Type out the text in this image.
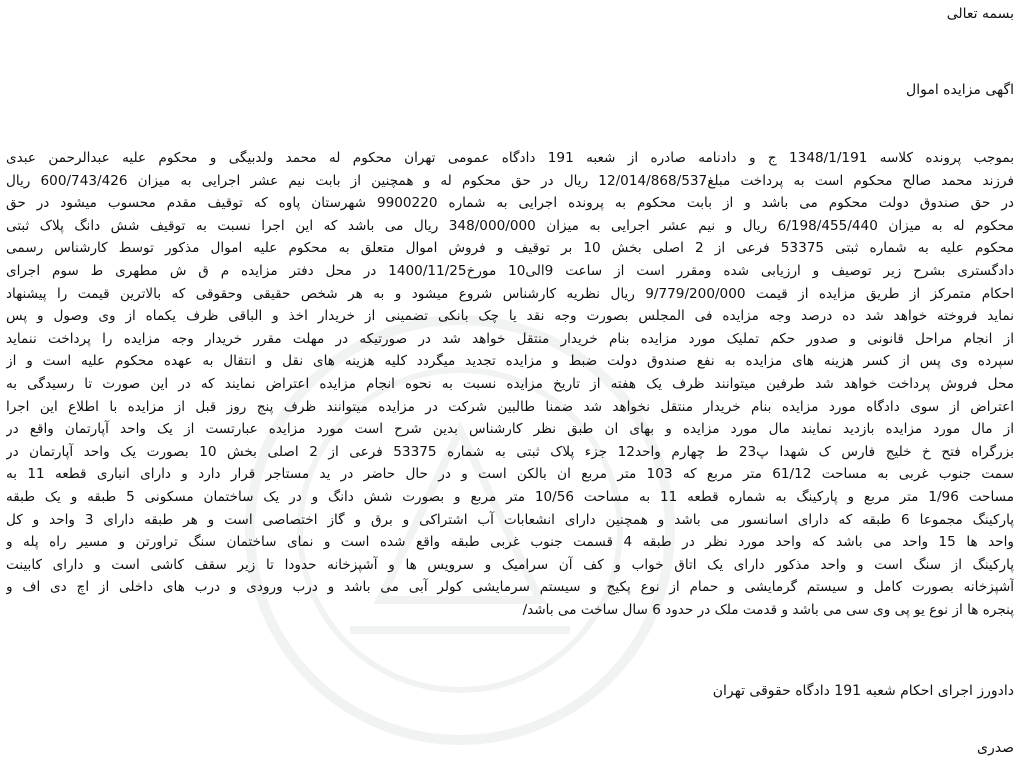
بسمه تعالی
اگهی مزایده اموال
بموجب پرونده کلاسه 1348/1/191 ج و دادنامه صادره از شعبه 191 دادگاه عمومی تهران محکوم له محمد ولدبیگی و محکوم علیه عبدالرحمن عبدی
فرزند محمد صالح محکوم است به پرداخت مبلغ12/014/868/537 ریال در حق محکوم له و همچنین از بابت نیم عشر اجرایی به میزان 600/743/426 ریال
در حق صندوق دولت محکوم می باشد و از بابت محکوم به پرونده اجرایی به شماره 9900220 شهرستان پاوه که توقیف مقدم محسوب میشود در حق
محکوم له به میزان 6/198/455/440 ریال و نیم عشر اجرایی به میزان 348/000/000 ریال می باشد که این اجرا نسبت به توقیف شش دانگ پلاک ثبتی
محکوم علیه به شماره ثبتی 53375 فرعی از 2 اصلی بخش 10 بر توقیف و فروش اموال متعلق به محکوم علیه اموال مذکور توسط کارشناس رسمی
دادگستری بشرح زیر توصیف و ارزیابی شده ومقرر است از ساعت 9الی10 مورخ1400/11/25 در محل دفتر مزایده م ق ش مطهری ط سوم اجرای
احکام متمرکز از طریق مزایده از قیمت 9/779/200/000 ریال نظریه کارشناس شروع میشود و به هر شخص حقیقی وحقوقی که بالاترین قیمت را پیشنهاد
نماید فروخته خواهد شد ده درصد وجه مزایده فی المجلس بصورت وجه نقد یا چک بانکی تضمینی از خریدار اخذ و الباقی ظرف یکماه از وی وصول و پس
از انجام مراحل قانونی و صدور حکم تملیک مورد مزایده بنام خریدار منتقل خواهد شد در صورتیکه در مهلت مقرر خریدار وجه مزایده را پرداخت ننماید
سپرده وی پس از کسر هزینه های مزایده به نفع صندوق دولت ضبط و مزایده تجدید میگردد کلیه هزینه های نقل و انتقال به عهده محکوم علیه است و از
محل فروش پرداخت خواهد شد طرفین میتوانند ظرف یک هفته از تاریخ مزایده نسبت به نحوه انجام مزایده اعتراض نمایند که در این صورت تا رسیدگی به
اعتراض از سوی دادگاه مورد مزایده بنام خریدار منتقل نخواهد شد ضمنا طالبین شرکت در مزایده میتوانند ظرف پنج روز قبل از مزایده با اطلاع این اجرا
از مال مورد مزایده بازدید نمایند مال مورد مزایده و بهای ان طبق نظر کارشناس بدین شرح است مورد مزایده عبارتست از یک واحد آپارتمان واقع در
بزرگراه فتح خ خلیج فارس ک شهدا پ23 ط چهارم واحد12 جزء پلاک ثبتی به شماره 53375 فرعی از 2 اصلی بخش 10 بصورت یک واحد آپارتمان در
سمت جنوب غربی به مساحت 61/12 متر مربع که 103 متر مربع ان بالکن است و در حال حاضر در ید مستاجر قرار دارد و دارای انباری قطعه 11 به
مساحت 1/96 متر مربع و پارکینگ به شماره قطعه 11 به مساحت 10/56 متر مربع و بصورت شش دانگ و در یک ساختمان مسکونی 5 طبقه و یک طبقه
پارکینگ مجموعا 6 طبقه که دارای اسانسور می باشد و همچنین دارای انشعابات آب اشتراکی و برق و گاز اختصاصی است و هر طبقه دارای 3 واحد و کل
واحد ها 15 واحد می باشد که واحد مورد نظر در طبقه 4 قسمت جنوب غربی طبقه واقع شده است و نمای ساختمان سنگ تراورتن و مسیر راه پله و
پارکینگ از سنگ است و واحد مذکور دارای یک اتاق خواب و کف آن سرامیک و سرویس ها و آشپزخانه حدودا تا زیر سقف کاشی است و دارای کابینت
آشپزخانه بصورت کامل و سیستم گرمایشی و حمام از نوع پکیج و سیستم سرمایشی کولر آبی می باشد و درب ورودی و درب های داخلی از اچ دی اف و
پنجره ها از نوع یو پی وی سی می باشد و قدمت ملک در حدود 6 سال ساخت می باشد/
دادورز اجرای احکام شعبه 191 دادگاه حقوقی تهران
صدری
